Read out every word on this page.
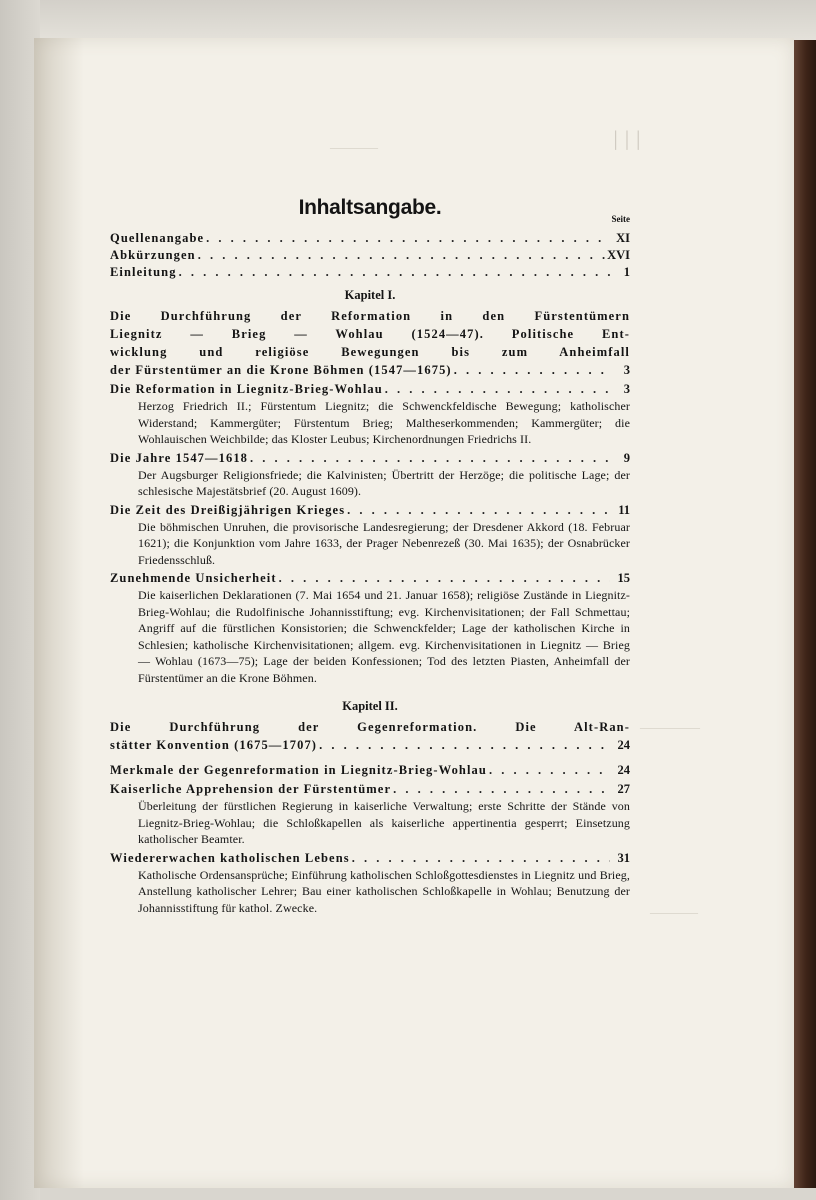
――――	│││
―――――
――――
Inhaltsangabe.	Seite
Quellenangabe . . .	XI
Abkürzungen . . .	XVI
Einleitung . . .	1
Kapitel I.
Die Durchführung der Reformation in den Fürstentümern
Liegnitz — Brieg — Wohlau (1524—47). Politische Ent-
wicklung und religiöse Bewegungen bis zum Anheimfall
der Fürstentümer an die Krone Böhmen (1547—1675) . . .	3
Die Reformation in Liegnitz-Brieg-Wohlau . . .	3
Herzog Friedrich II.; Fürstentum Liegnitz; die Schwenckfeldische Bewegung; katholischer Widerstand; Kammergüter; Fürstentum Brieg; Maltheserkommenden; Kammergüter; die Wohlauischen Weichbilde; das Kloster Leubus; Kirchenordnungen Friedrichs II.
Die Jahre 1547—1618 . . .	9
Der Augsburger Religionsfriede; die Kalvinisten; Übertritt der Herzöge; die politische Lage; der schlesische Majestätsbrief (20. August 1609).
Die Zeit des Dreißigjährigen Krieges . . .	11
Die böhmischen Unruhen, die provisorische Landesregierung; der Dresdener Akkord (18. Februar 1621); die Konjunktion vom Jahre 1633, der Prager Nebenrezeß (30. Mai 1635); der Osnabrücker Friedensschluß.
Zunehmende Unsicherheit . . .	15
Die kaiserlichen Deklarationen (7. Mai 1654 und 21. Januar 1658); religiöse Zustände in Liegnitz-Brieg-Wohlau; die Rudolfinische Johannisstiftung; evg. Kirchenvisitationen; der Fall Schmettau; Angriff auf die fürstlichen Konsistorien; die Schwenckfelder; Lage der katholischen Kirche in Schlesien; katholische Kirchenvisitationen; allgem. evg. Kirchenvisitationen in Liegnitz — Brieg — Wohlau (1673—75); Lage der beiden Konfessionen; Tod des letzten Piasten, Anheimfall der Fürstentümer an die Krone Böhmen.
Kapitel II.
Die Durchführung der Gegenreformation. Die Alt-Ran-
stätter Konvention (1675—1707) . . .	24
Merkmale der Gegenreformation in Liegnitz-Brieg-Wohlau . . .	24
Kaiserliche Apprehension der Fürstentümer . . .	27
Überleitung der fürstlichen Regierung in kaiserliche Verwaltung; erste Schritte der Stände von Liegnitz-Brieg-Wohlau; die Schloßkapellen als kaiserliche appertinentia gesperrt; Einsetzung katholischer Beamter.
Wiedererwachen katholischen Lebens . . .	31
Katholische Ordensansprüche; Einführung katholischen Schloßgottesdienstes in Liegnitz und Brieg, Anstellung katholischer Lehrer; Bau einer katholischen Schloßkapelle in Wohlau; Benutzung der Johannisstiftung für kathol. Zwecke.
